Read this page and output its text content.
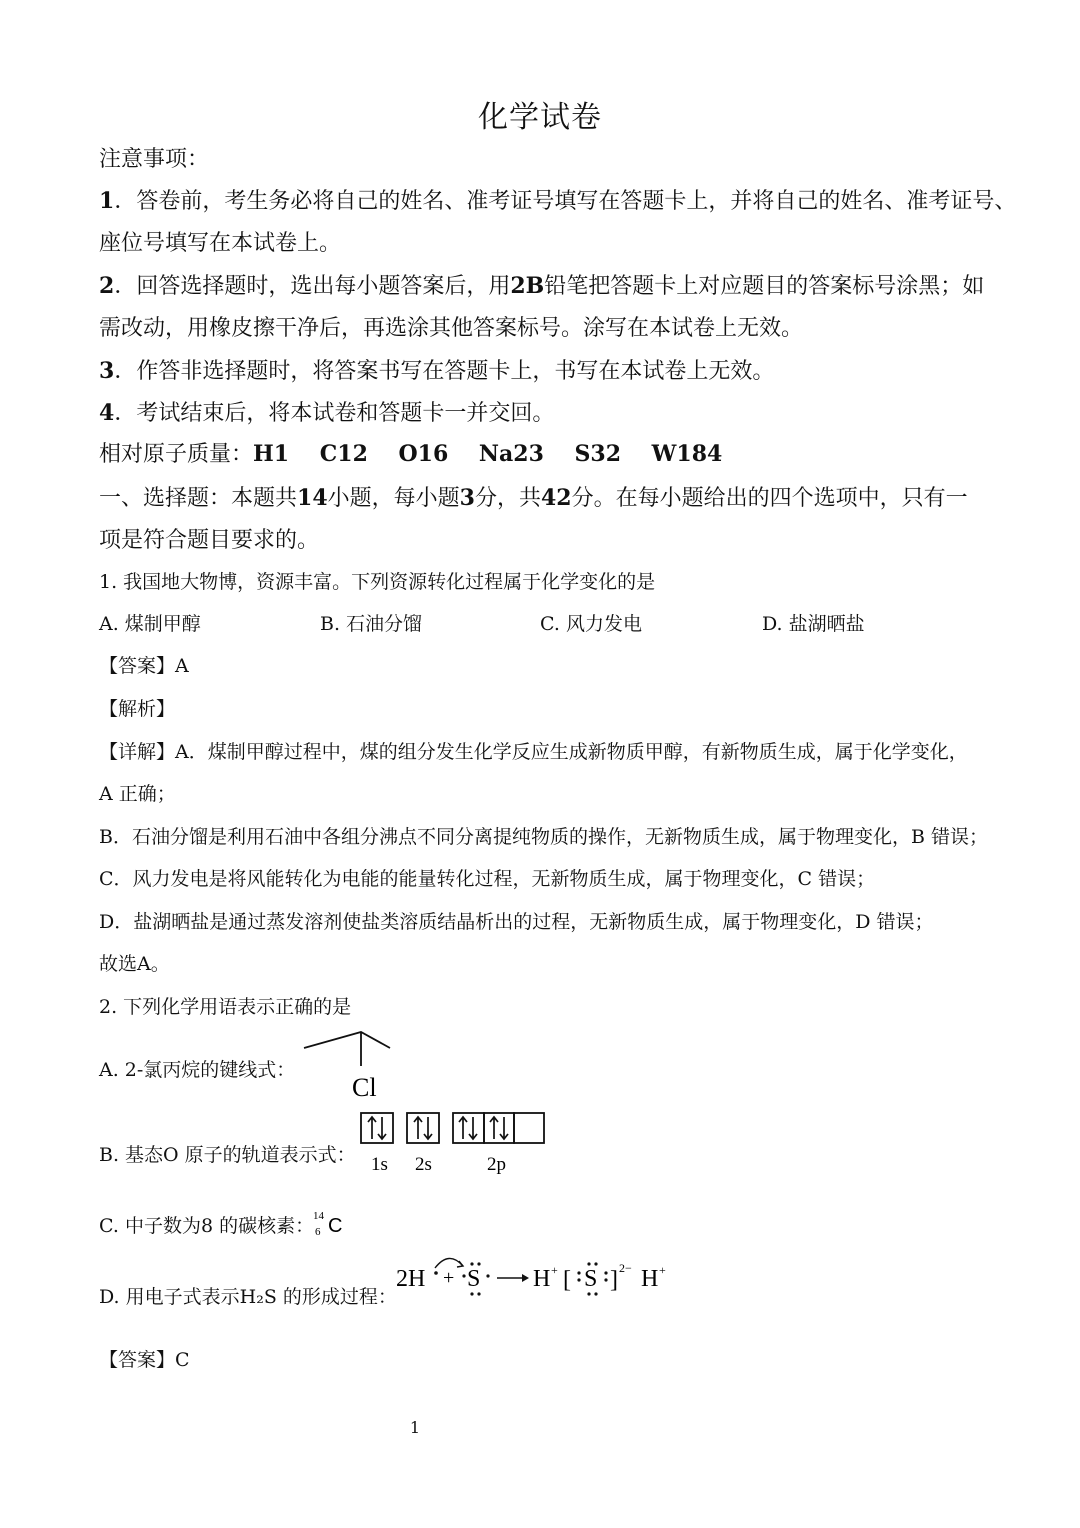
化学试卷
注意事项：
1．答卷前，考生务必将自己的姓名、准考证号填写在答题卡上，并将自己的姓名、准考证号、
座位号填写在本试卷上。
2．回答选择题时，选出每小题答案后，用2B铅笔把答题卡上对应题目的答案标号涂黑；如
需改动，用橡皮擦干净后，再选涂其他答案标号。涂写在本试卷上无效。
3．作答非选择题时，将答案书写在答题卡上，书写在本试卷上无效。
4．考试结束后，将本试卷和答题卡一并交回。
相对原子质量：H1    C12    O16    Na23    S32    W184
一、选择题：本题共14小题，每小题3分，共42分。在每小题给出的四个选项中，只有一
项是符合题目要求的。
1. 我国地大物博，资源丰富。下列资源转化过程属于化学变化的是
A. 煤制甲醇	B. 石油分馏	C. 风力发电	D. 盐湖晒盐
【答案】A
【解析】
【详解】A．煤制甲醇过程中，煤的组分发生化学反应生成新物质甲醇，有新物质生成，属于化学变化，
A 正确；
B．石油分馏是利用石油中各组分沸点不同分离提纯物质的操作，无新物质生成，属于物理变化，B 错误；
C．风力发电是将风能转化为电能的能量转化过程，无新物质生成，属于物理变化，C 错误；
D．盐湖晒盐是通过蒸发溶剂使盐类溶质结晶析出的过程，无新物质生成，属于物理变化，D 错误；
故选A。
2. 下列化学用语表示正确的是
A. 2-氯丙烷的键线式：
Cl
B. 基态O 原子的轨道表示式： 1s 2s	2p
C. 中子数为8 的碳核素：
14
6 C
D. 用电子式表示H₂S 的形成过程：
2H + S H + [ S ] 2− H +
【答案】C
1
